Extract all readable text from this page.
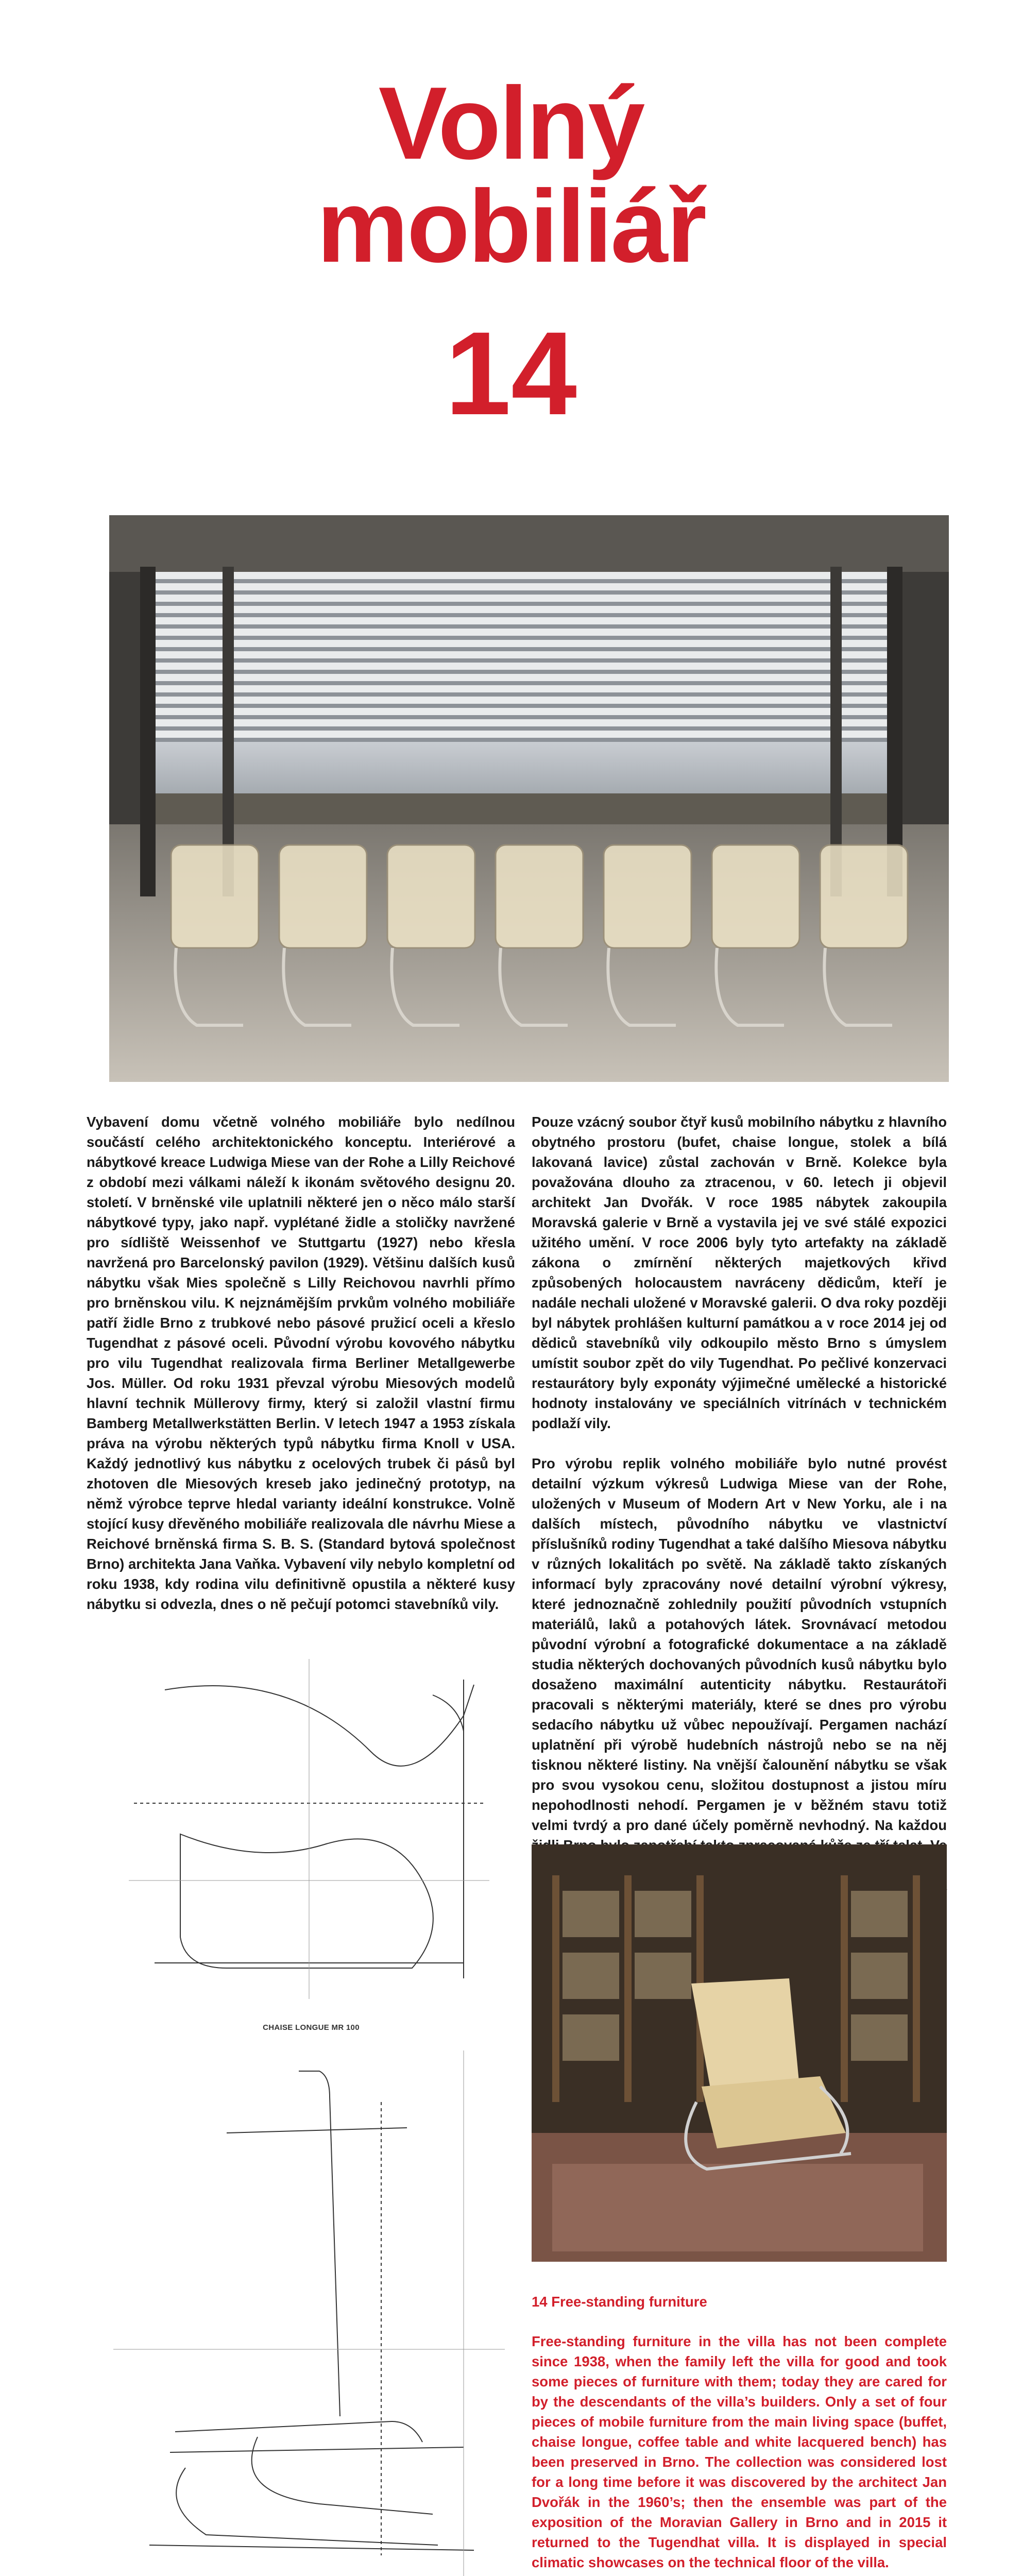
Volný
mobiliář
14

Vybavení domu včetně volného mobiliáře bylo nedílnou součástí celého architektonického konceptu. Interiérové a nábytkové kreace Ludwiga Miese van der Rohe a Lilly Reichové z období mezi válkami náleží k ikonám světového designu 20. století. V brněnské vile uplatnili některé jen o něco málo starší nábytkové typy, jako např. vyplétané židle a stoličky navržené pro sídliště Weissenhof ve Stuttgartu (1927) nebo křesla navržená pro Barcelonský pavilon (1929). Většinu dalších kusů nábytku však Mies společně s Lilly Reichovou navrhli přímo pro brněnskou vilu. K nejznámějším prvkům volného mobiliáře patří židle Brno z trubkové nebo pásové pružicí oceli a křeslo Tugendhat z pásové oceli. Původní výrobu kovového nábytku pro vilu Tugendhat realizovala firma Berliner Metallgewerbe Jos. Müller. Od roku 1931 převzal výrobu Miesových modelů hlavní technik Müllerovy firmy, který si založil vlastní firmu Bamberg Metallwerkstätten Berlin. V letech 1947 a 1953 získala práva na výrobu některých typů nábytku firma Knoll v USA. Každý jednotlivý kus nábytku z ocelových trubek či pásů byl zhotoven dle Miesových kreseb jako jedinečný prototyp, na němž výrobce teprve hledal varianty ideální konstrukce. Volně stojící kusy dřevěného mobiliáře realizovala dle návrhu Miese a Reichové brněnská firma S. B. S. (Standard bytová společnost Brno) architekta Jana Vaňka. Vybavení vily nebylo kompletní od roku 1938, kdy rodina vilu definitivně opustila a některé kusy nábytku si odvezla, dnes o ně pečují potomci stavebníků vily.

Pouze vzácný soubor čtyř kusů mobilního nábytku z hlavního obytného prostoru (bufet, chaise longue, stolek a bílá lakovaná lavice) zůstal zachován v Brně. Kolekce byla považována dlouho za ztracenou, v 60. letech ji objevil architekt Jan Dvořák. V roce 1985 nábytek zakoupila Moravská galerie v Brně a vystavila jej ve své stálé expozici užitého umění. V roce 2006 byly tyto artefakty na základě zákona o zmírnění některých majetkových křivd způsobených holocaustem navráceny dědicům, kteří je nadále nechali uložené v Moravské galerii. O dva roky později byl nábytek prohlášen kulturní památkou a v roce 2014 jej od dědiců stavebníků vily odkoupilo město Brno s úmyslem umístit soubor zpět do vily Tugendhat. Po pečlivé konzervaci restaurátory byly exponáty výjimečné umělecké a historické hodnoty instalovány ve speciálních vitrínách v technickém podlaží vily.

Pro výrobu replik volného mobiliáře bylo nutné provést detailní výzkum výkresů Ludwiga Miese van der Rohe, uložených v Museum of Modern Art v New Yorku, ale i na dalších místech, původního nábytku ve vlastnictví příslušníků rodiny Tugendhat a také dalšího Miesova nábytku v různých lokalitách po světě. Na základě takto získaných informací byly zpracovány nové detailní výrobní výkresy, které jednoznačně zohlednily použití původních vstupních materiálů, laků a potahových látek. Srovnávací metodou původní výrobní a fotografické dokumentace a na základě studia některých dochovaných původních kusů nábytku bylo dosaženo maximální autenticity nábytku. Restaurátoři pracovali s některými materiály, které se dnes pro výrobu sedacího nábytku už vůbec nepoužívají. Pergamen nachází uplatnění při výrobě hudebních nástrojů nebo se na něj tisknou některé listiny. Na vnější čalounění nábytku se však pro svou vysokou cenu, složitou dostupnost a jistou míru nepohodlnosti nehodí. Pergamen je v běžném stavu totiž velmi tvrdý a pro dané účely poměrně nevhodný. Na každou

CHAISE LONGUE MR 100
14 Free-standing furniture
Free-standing furniture in the villa has not been complete since 1938, when the family left the villa for good and took some pieces of furniture with them; today they are cared for by the descendants of the villa’s builders. Only a set of four pieces of mobile furniture from the main living space (buffet, chaise longue, coffee table and white lacquered bench) has been preserved in Brno. The collection was considered lost for a long time before it was discovered by the architect Jan Dvořák in the 1960’s; then the ensemble was part of the exposition of the Moravian Gallery in Brno and in 2015 it returned to the Tugendhat villa. It is displayed in special climatic showcases on the technical floor of the villa.
